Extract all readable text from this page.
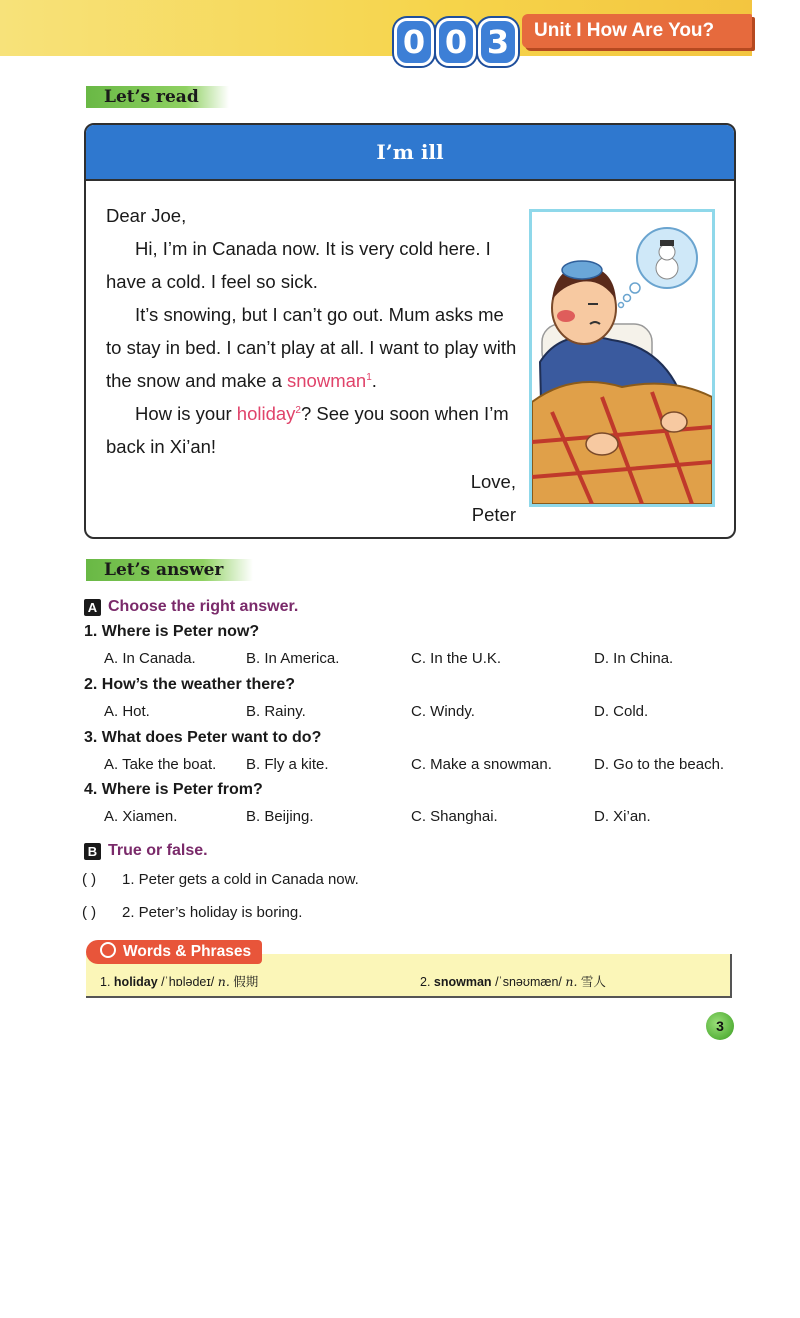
0 0 3	Unit I How Are You?
Let’s read
I’m ill

Dear Joe,

Hi, I’m in Canada now. It is very cold here. I have a cold. I feel so sick.

It’s snowing, but I can’t go out. Mum asks me to stay in bed. I can’t play at all. I want to play with the snow and make a snowman$^1$.

How is your holiday$^2$? See you soon when I’m back in Xi’an!

Love,

Peter

Let’s answer
A Choose the right answer.
1. Where is Peter now?
A. In Canada.	B. In America.	C. In the U.K.	D. In China.
2. How’s the weather there?
A. Hot.	B. Rainy.	C. Windy.	D. Cold.
3. What does Peter want to do?
A. Take the boat. B. Fly a kite.	C. Make a snowman.	D. Go to the beach.
4. Where is Peter from?
A. Xiamen.	B. Beijing.	C. Shanghai.	D. Xi’an.
B True or false.
( ) 1. Peter gets a cold in Canada now.
( ) 2. Peter’s holiday is boring.
1. holiday /ˈhɒlədeɪ/ n. 假期	2. snowman /ˈsnəʊmæn/ n. 雪人
Words & Phrases
3
